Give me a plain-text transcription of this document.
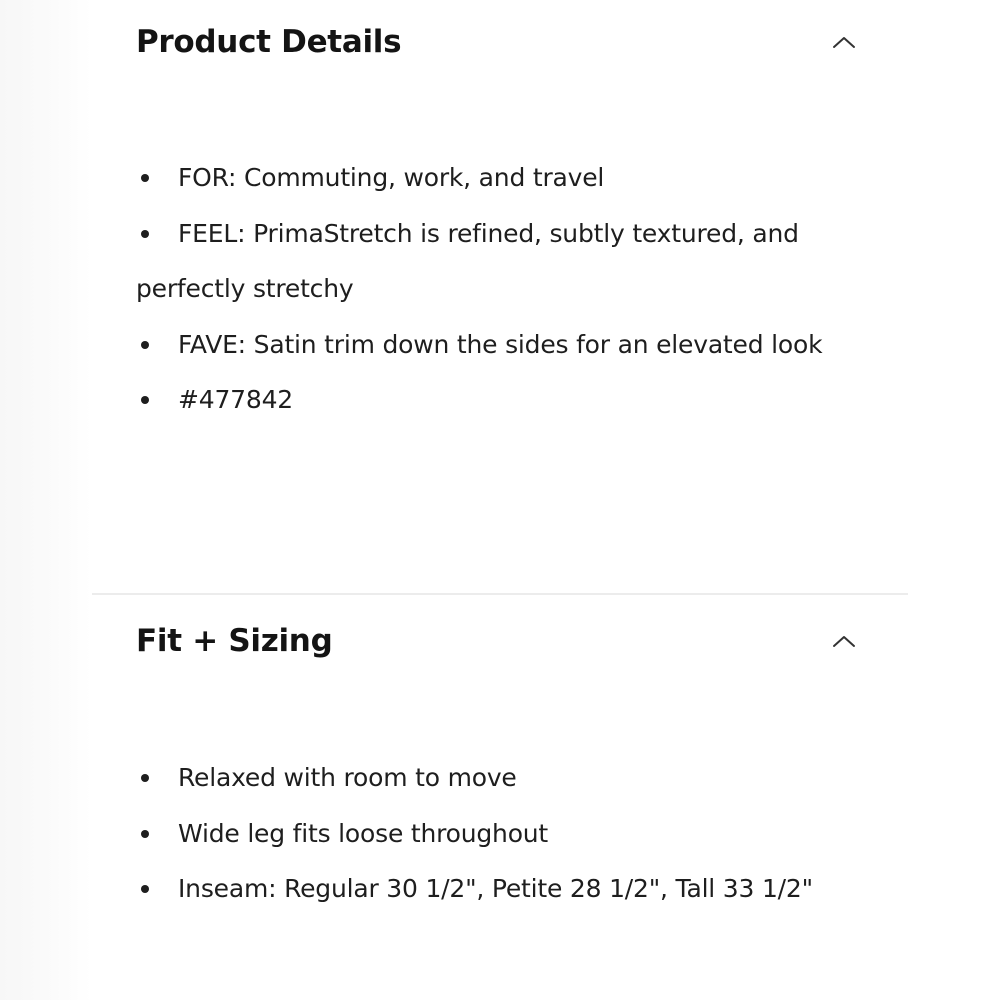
Product Details
FOR: Commuting, work, and travel
FEEL: PrimaStretch is refined, subtly textured, and perfectly stretchy
FAVE: Satin trim down the sides for an elevated look
#477842
Fit + Sizing
Relaxed with room to move
Wide leg fits loose throughout
Inseam: Regular 30 1/2", Petite 28 1/2", Tall 33 1/2"
